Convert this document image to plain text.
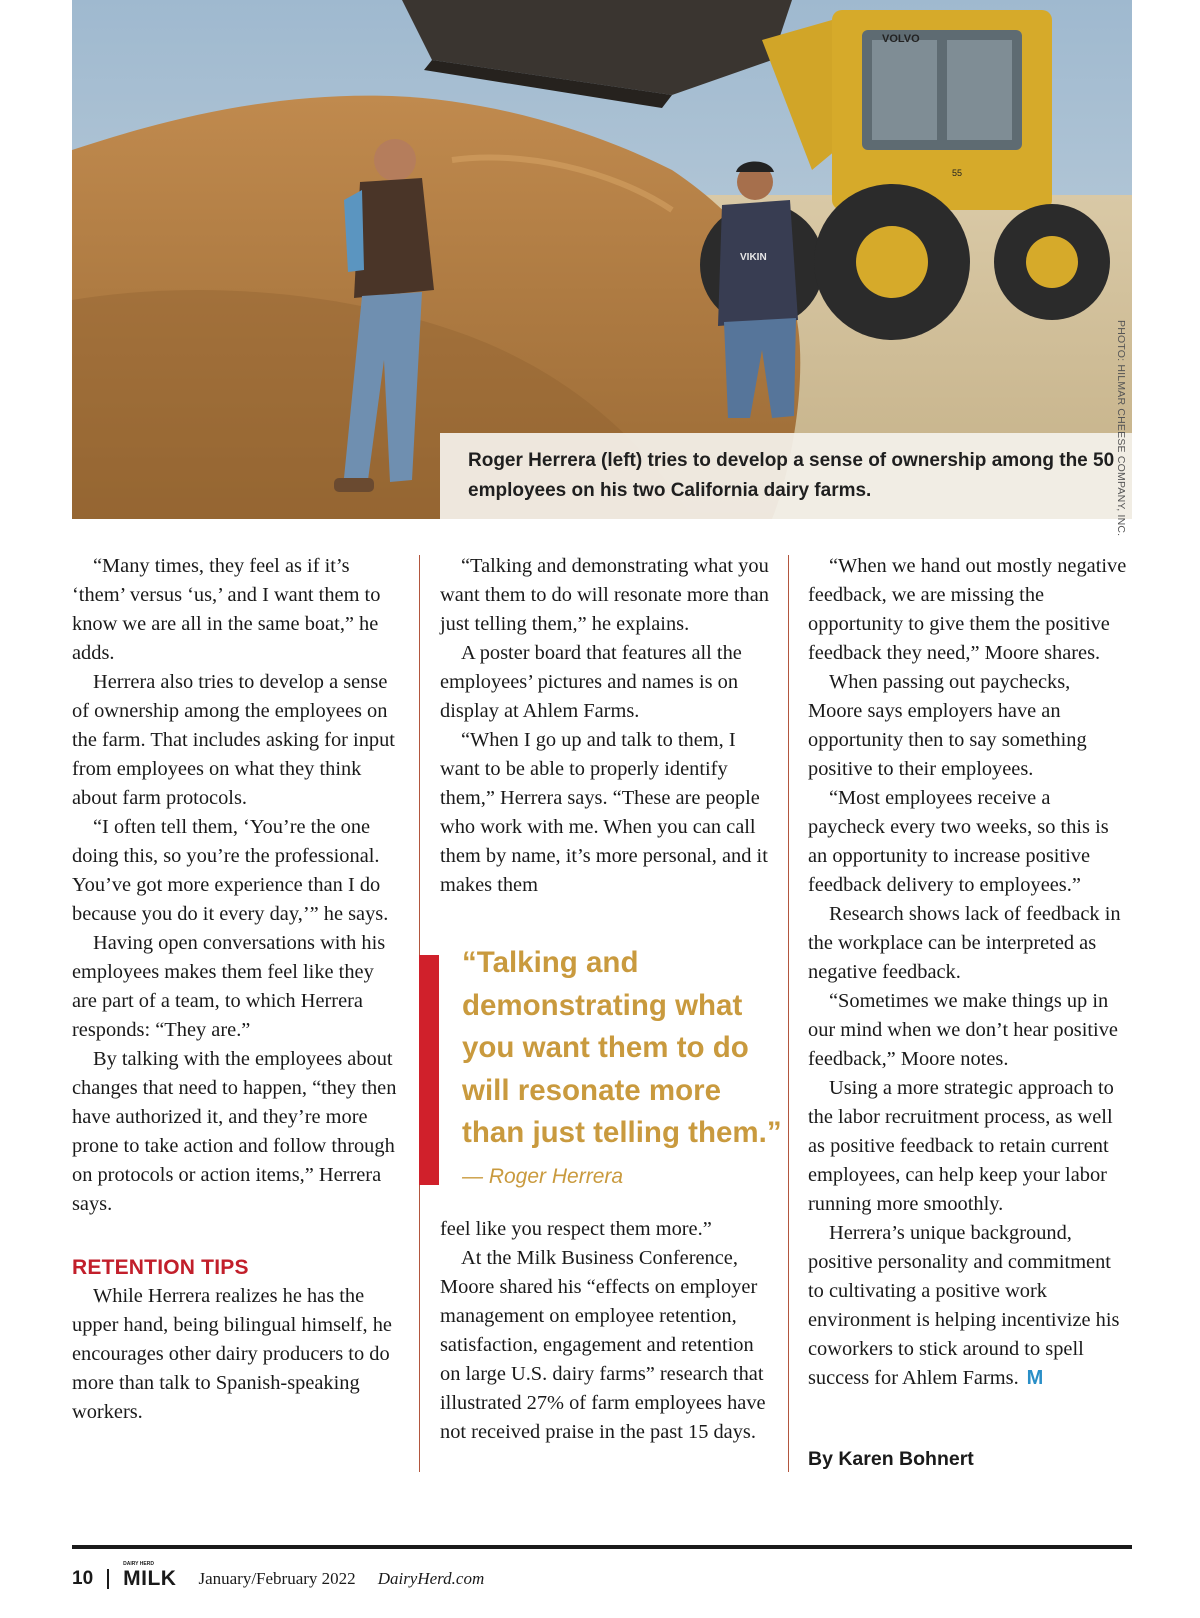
VOLVO
55
VIKIN
Roger Herrera (left) tries to develop a sense of ownership among the 50 employees on his two California dairy farms.	PHOTO: HILMAR CHEESE COMPANY, INC.

“Many times, they feel as if it’s ‘them’ versus ‘us,’ and I want them to know we are all in the same boat,” he adds.

Herrera also tries to develop a sense of ownership among the employees on the farm. That includes asking for input from employees on what they think about farm protocols.

“I often tell them, ‘You’re the one doing this, so you’re the professional. You’ve got more experience than I do because you do it every day,’” he says.

Having open conversations with his employees makes them feel like they are part of a team, to which Herrera responds: “They are.”

By talking with the employees about changes that need to happen, “they then have authorized it, and they’re more prone to take action and follow through on protocols or action items,” Herrera says.

RETENTION TIPS

While Herrera realizes he has the upper hand, being bilingual himself, he encourages other dairy producers to do more than talk to Spanish-speaking workers.

“Talking and demonstrating what you want them to do will resonate more than just telling them,” he explains.

A poster board that features all the employees’ pictures and names is on display at Ahlem Farms.

“When I go up and talk to them, I want to be able to properly identify them,” Herrera says. “These are people who work with me. When you can call them by name, it’s more personal, and it makes them

“Talking and demonstrating what you want them to do will resonate more than just telling them.”
— Roger Herrera

feel like you respect them more.”

At the Milk Business Conference, Moore shared his “effects on employer management on employee retention, satisfaction, engagement and retention on large U.S. dairy farms” research that illustrated 27% of farm employees have not received praise in the past 15 days.

“When we hand out mostly negative feedback, we are missing the opportunity to give them the positive feedback they need,” Moore shares.

When passing out paychecks, Moore says employers have an opportunity then to say something positive to their employees.

“Most employees receive a paycheck every two weeks, so this is an opportunity to increase positive feedback delivery to employees.”

Research shows lack of feedback in the workplace can be interpreted as negative feedback.

“Sometimes we make things up in our mind when we don’t hear positive feedback,” Moore notes.

Using a more strategic approach to the labor recruitment process, as well as positive feedback to retain current employees, can help keep your labor running more smoothly.

Herrera’s unique background, positive personality and commitment to cultivating a positive work environment is helping incentivize his coworkers to stick around to spell success for Ahlem Farms. M

By Karen Bohnert
10
DAIRY HERD
MILK January/February 2022 DairyHerd.com
